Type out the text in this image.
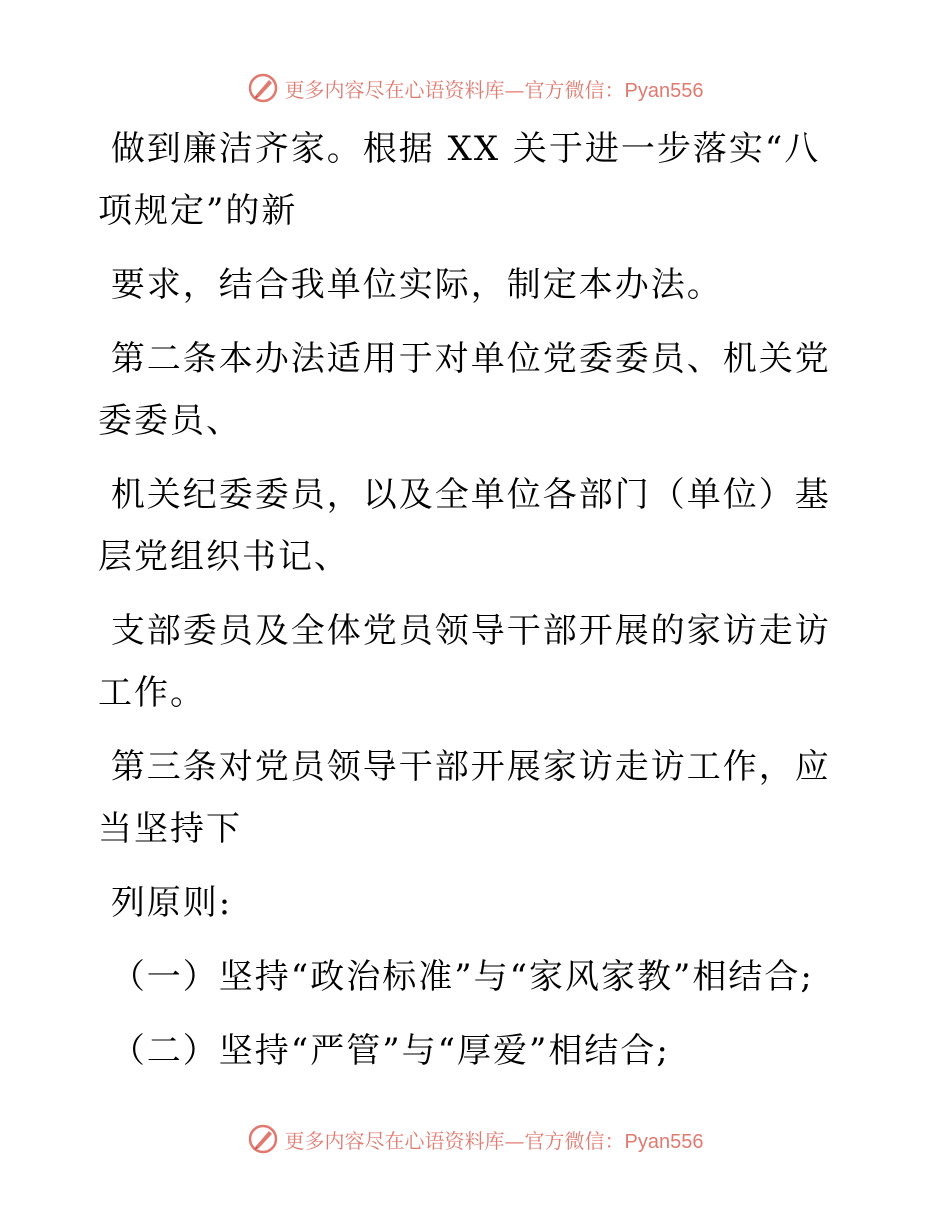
更多内容尽在心语资料库—官方微信：Pyan556

做到廉洁齐家。根据 XX 关于进一步落实“八项规定”的新

要求，结合我单位实际，制定本办法。

第二条本办法适用于对单位党委委员、机关党委委员、

机关纪委委员，以及全单位各部门（单位）基层党组织书记、

支部委员及全体党员领导干部开展的家访走访工作。

第三条对党员领导干部开展家访走访工作，应当坚持下

列原则:

（一）坚持“政治标准”与“家风家教”相结合;

（二）坚持“严管”与“厚爱”相结合;

更多内容尽在心语资料库—官方微信：Pyan556
